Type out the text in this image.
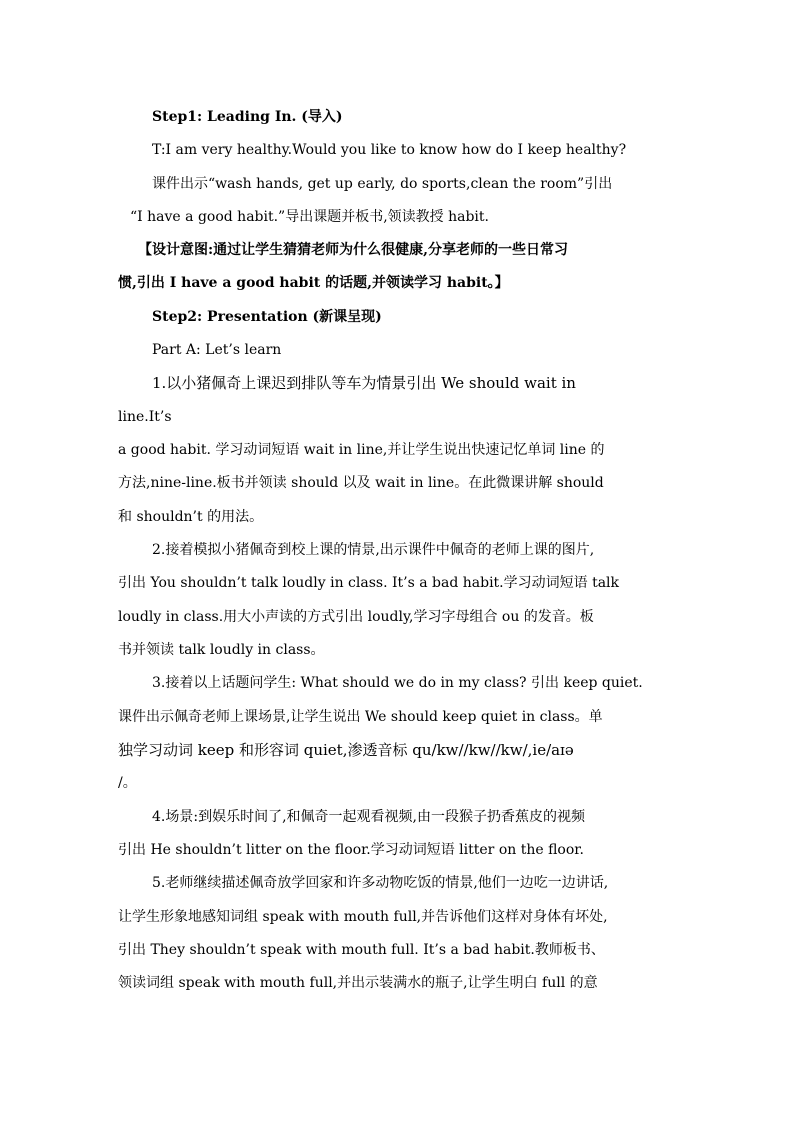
Step1: Leading In. (导入)
T:I am very healthy.Would you like to know how do I keep healthy?
课件出示“wash hands, get up early, do sports,clean the room”引出
“I have a good habit.”导出课题并板书,领读教授 habit.
【设计意图:通过让学生猜猜老师为什么很健康,分享老师的一些日常习
惯,引出 I have a good habit 的话题,并领读学习 habit。】
Step2: Presentation (新课呈现)
Part A: Let’s learn
1.以小猪佩奇上课迟到排队等车为情景引出 We should wait in
line.It’s
a good habit. 学习动词短语 wait in line,并让学生说出快速记忆单词 line 的
方法,nine-line.板书并领读 should 以及 wait in line。在此微课讲解 should
和 shouldn’t 的用法。
2.接着模拟小猪佩奇到校上课的情景,出示课件中佩奇的老师上课的图片,
引出 You shouldn’t talk loudly in class. It’s a bad habit.学习动词短语 talk
loudly in class.用大小声读的方式引出 loudly,学习字母组合 ou 的发音。板
书并领读 talk loudly in class。
3.接着以上话题问学生: What should we do in my class? 引出 keep quiet.
课件出示佩奇老师上课场景,让学生说出 We should keep quiet in class。单
独学习动词 keep 和形容词 quiet,渗透音标 qu/kw//kw//kw/,ie/aɪə
/。
4.场景:到娱乐时间了,和佩奇一起观看视频,由一段猴子扔香蕉皮的视频
引出 He shouldn’t litter on the floor.学习动词短语 litter on the floor.
5.老师继续描述佩奇放学回家和许多动物吃饭的情景,他们一边吃一边讲话,
让学生形象地感知词组 speak with mouth full,并告诉他们这样对身体有坏处,
引出 They shouldn’t speak with mouth full. It’s a bad habit.教师板书、
领读词组 speak with mouth full,并出示装满水的瓶子,让学生明白 full 的意
